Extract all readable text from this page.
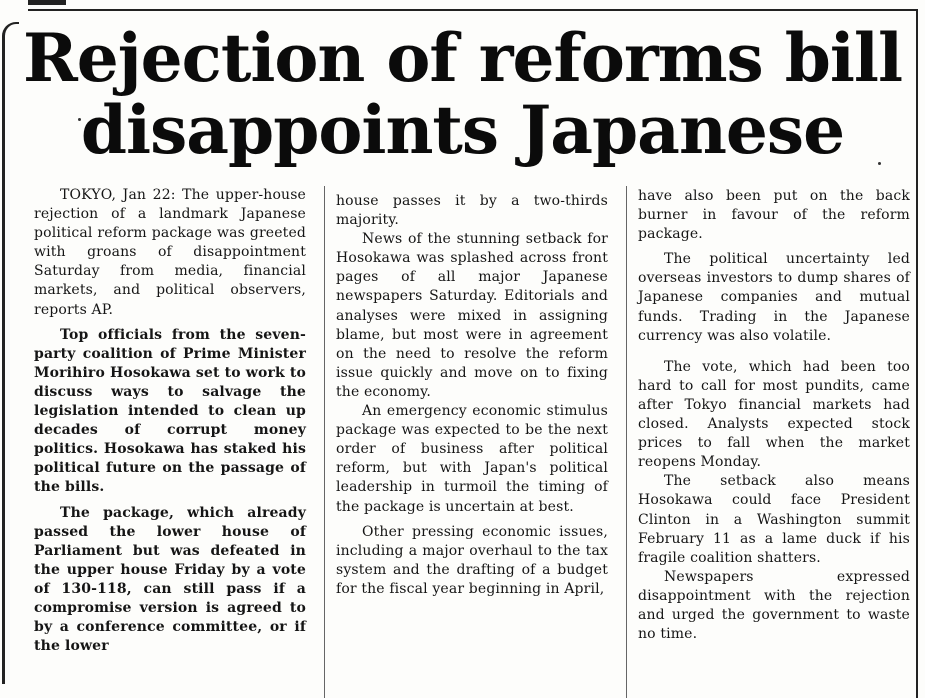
Rejection of reforms bill
disappoints Japanese

TOKYO, Jan 22: The upper-house rejection of a landmark Japanese political reform package was greeted with groans of disappointment Saturday from media, financial markets, and political observers, reports AP.

Top officials from the seven-party coalition of Prime Minister Morihiro Hosokawa set to work to discuss ways to salvage the legislation intended to clean up decades of corrupt money politics. Hosokawa has staked his political future on the passage of the bills.

The package, which already passed the lower house of Parliament but was defeated in the upper house Friday by a vote of 130-118, can still pass if a compromise version is agreed to by a conference committee, or if the lower

house passes it by a two-thirds majority.

News of the stunning setback for Hosokawa was splashed across front pages of all major Japanese newspapers Saturday. Editorials and analyses were mixed in assigning blame, but most were in agreement on the need to resolve the reform issue quickly and move on to fixing the economy.

An emergency economic stimulus package was expected to be the next order of business after political reform, but with Japan's political leadership in turmoil the timing of the package is uncertain at best.

Other pressing economic issues, including a major overhaul to the tax system and the drafting of a budget for the fiscal year beginning in April,

have also been put on the back burner in favour of the reform package.

The political uncertainty led overseas investors to dump shares of Japanese companies and mutual funds. Trading in the Japanese currency was also volatile.

The vote, which had been too hard to call for most pundits, came after Tokyo financial markets had closed. Analysts expected stock prices to fall when the market reopens Monday.

The setback also means Hosokawa could face President Clinton in a Washington summit February 11 as a lame duck if his fragile coalition shatters.

Newspapers expressed disappointment with the rejection and urged the government to waste no time.
